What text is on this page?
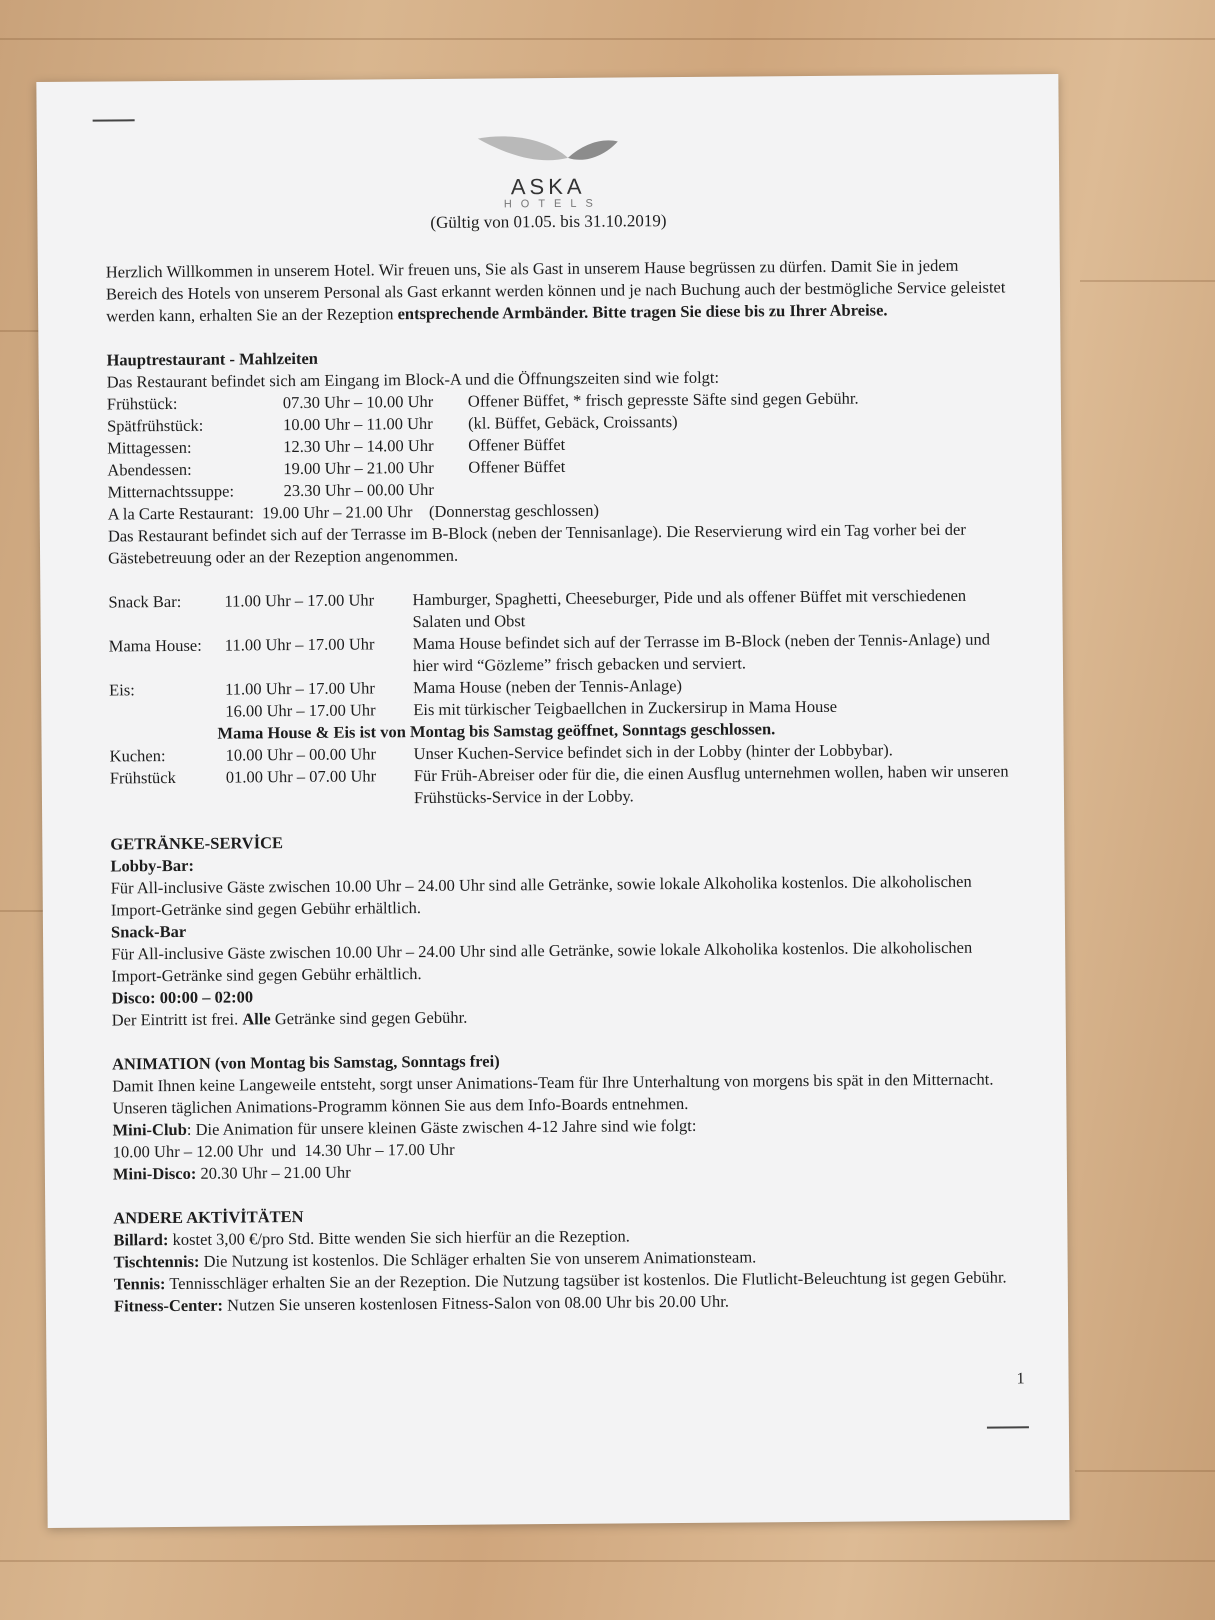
ASKA
HOTELS
(Gültig von 01.05. bis 31.10.2019)

Herzlich Willkommen in unserem Hotel. Wir freuen uns, Sie als Gast in unserem Hause begrüssen zu dürfen. Damit Sie in jedem Bereich des Hotels von unserem Personal als Gast erkannt werden können und je nach Buchung auch der bestmögliche Service geleistet werden kann, erhalten Sie an der Rezeption entsprechende Armbänder. Bitte tragen Sie diese bis zu Ihrer Abreise.

Hauptrestaurant - Mahlzeiten

Das Restaurant befindet sich am Eingang im Block-A und die Öffnungszeiten sind wie folgt:

Frühstück:	07.30 Uhr – 10.00 Uhr	Offener Büffet, * frisch gepresste Säfte sind gegen Gebühr.
Spätfrühstück:	10.00 Uhr – 11.00 Uhr	(kl. Büffet, Gebäck, Croissants)
Mittagessen:	12.30 Uhr – 14.00 Uhr	Offener Büffet
Abendessen:	19.00 Uhr – 21.00 Uhr	Offener Büffet
Mitternachtssuppe:	23.30 Uhr – 00.00 Uhr

A la Carte Restaurant:  19.00 Uhr – 21.00 Uhr    (Donnerstag geschlossen)

Das Restaurant befindet sich auf der Terrasse im B-Block (neben der Tennisanlage). Die Reservierung wird ein Tag vorher bei der Gästebetreuung oder an der Rezeption angenommen.

Snack Bar:	11.00 Uhr – 17.00 Uhr	Hamburger, Spaghetti, Cheeseburger, Pide und als offener Büffet mit verschiedenen Salaten und Obst
Mama House:	11.00 Uhr – 17.00 Uhr	Mama House befindet sich auf der Terrasse im B-Block (neben der Tennis-Anlage) und hier wird “Gözleme” frisch gebacken und serviert.
Eis:	11.00 Uhr – 17.00 Uhr	Mama House (neben der Tennis-Anlage)
16.00 Uhr – 17.00 Uhr	Eis mit türkischer Teigbaellchen in Zuckersirup in Mama House

Mama House & Eis ist von Montag bis Samstag geöffnet, Sonntags geschlossen.

Kuchen:	10.00 Uhr – 00.00 Uhr	Unser Kuchen-Service befindet sich in der Lobby (hinter der Lobbybar).
Frühstück	01.00 Uhr – 07.00 Uhr	Für Früh-Abreiser oder für die, die einen Ausflug unternehmen wollen, haben wir unseren Frühstücks-Service in der Lobby.

GETRÄNKE-SERVİCE

Lobby-Bar:

Für All-inclusive Gäste zwischen 10.00 Uhr – 24.00 Uhr sind alle Getränke, sowie lokale Alkoholika kostenlos. Die alkoholischen Import-Getränke sind gegen Gebühr erhältlich.

Snack-Bar

Für All-inclusive Gäste zwischen 10.00 Uhr – 24.00 Uhr sind alle Getränke, sowie lokale Alkoholika kostenlos. Die alkoholischen Import-Getränke sind gegen Gebühr erhältlich.

Disco: 00:00 – 02:00

Der Eintritt ist frei. Alle Getränke sind gegen Gebühr.

ANIMATION (von Montag bis Samstag, Sonntags frei)

Damit Ihnen keine Langeweile entsteht, sorgt unser Animations-Team für Ihre Unterhaltung von morgens bis spät in den Mitternacht. Unseren täglichen Animations-Programm können Sie aus dem Info-Boards entnehmen.

Mini-Club: Die Animation für unsere kleinen Gäste zwischen 4-12 Jahre sind wie folgt:

10.00 Uhr – 12.00 Uhr  und  14.30 Uhr – 17.00 Uhr

Mini-Disco: 20.30 Uhr – 21.00 Uhr

ANDERE AKTİVİTÄTEN

Billard: kostet 3,00 €/pro Std. Bitte wenden Sie sich hierfür an die Rezeption.

Tischtennis: Die Nutzung ist kostenlos. Die Schläger erhalten Sie von unserem Animationsteam.

Tennis: Tennisschläger erhalten Sie an der Rezeption. Die Nutzung tagsüber ist kostenlos. Die Flutlicht-Beleuchtung ist gegen Gebühr.

Fitness-Center: Nutzen Sie unseren kostenlosen Fitness-Salon von 08.00 Uhr bis 20.00 Uhr.

1
